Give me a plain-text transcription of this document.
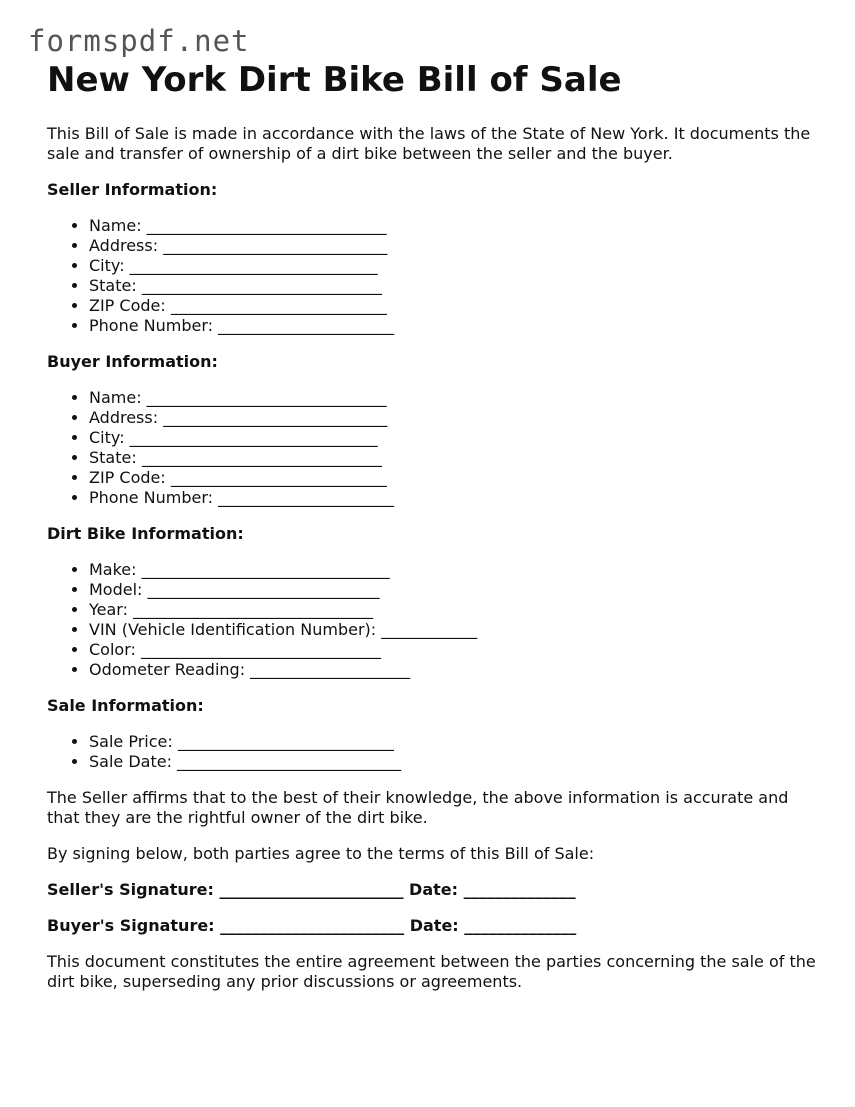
formspdf.net
New York Dirt Bike Bill of Sale

This Bill of Sale is made in accordance with the laws of the State of New York. It documents the sale and transfer of ownership of a dirt bike between the seller and the buyer.

Seller Information:
• Name: ______________________________
• Address: ____________________________
• City: _______________________________
• State: ______________________________
• ZIP Code: ___________________________
• Phone Number: ______________________
Buyer Information:
• Name: ______________________________
• Address: ____________________________
• City: _______________________________
• State: ______________________________
• ZIP Code: ___________________________
• Phone Number: ______________________
Dirt Bike Information:
• Make: _______________________________
• Model: _____________________________
• Year: ______________________________
• VIN (Vehicle Identification Number): ____________
• Color: ______________________________
• Odometer Reading: ____________________
Sale Information:
• Sale Price: ___________________________
• Sale Date: ____________________________

The Seller affirms that to the best of their knowledge, the above information is accurate and that they are the rightful owner of the dirt bike.

By signing below, both parties agree to the terms of this Bill of Sale:

Seller's Signature: _______________________ Date: ______________
Buyer's Signature: _______________________ Date: ______________

This document constitutes the entire agreement between the parties concerning the sale of the dirt bike, superseding any prior discussions or agreements.
